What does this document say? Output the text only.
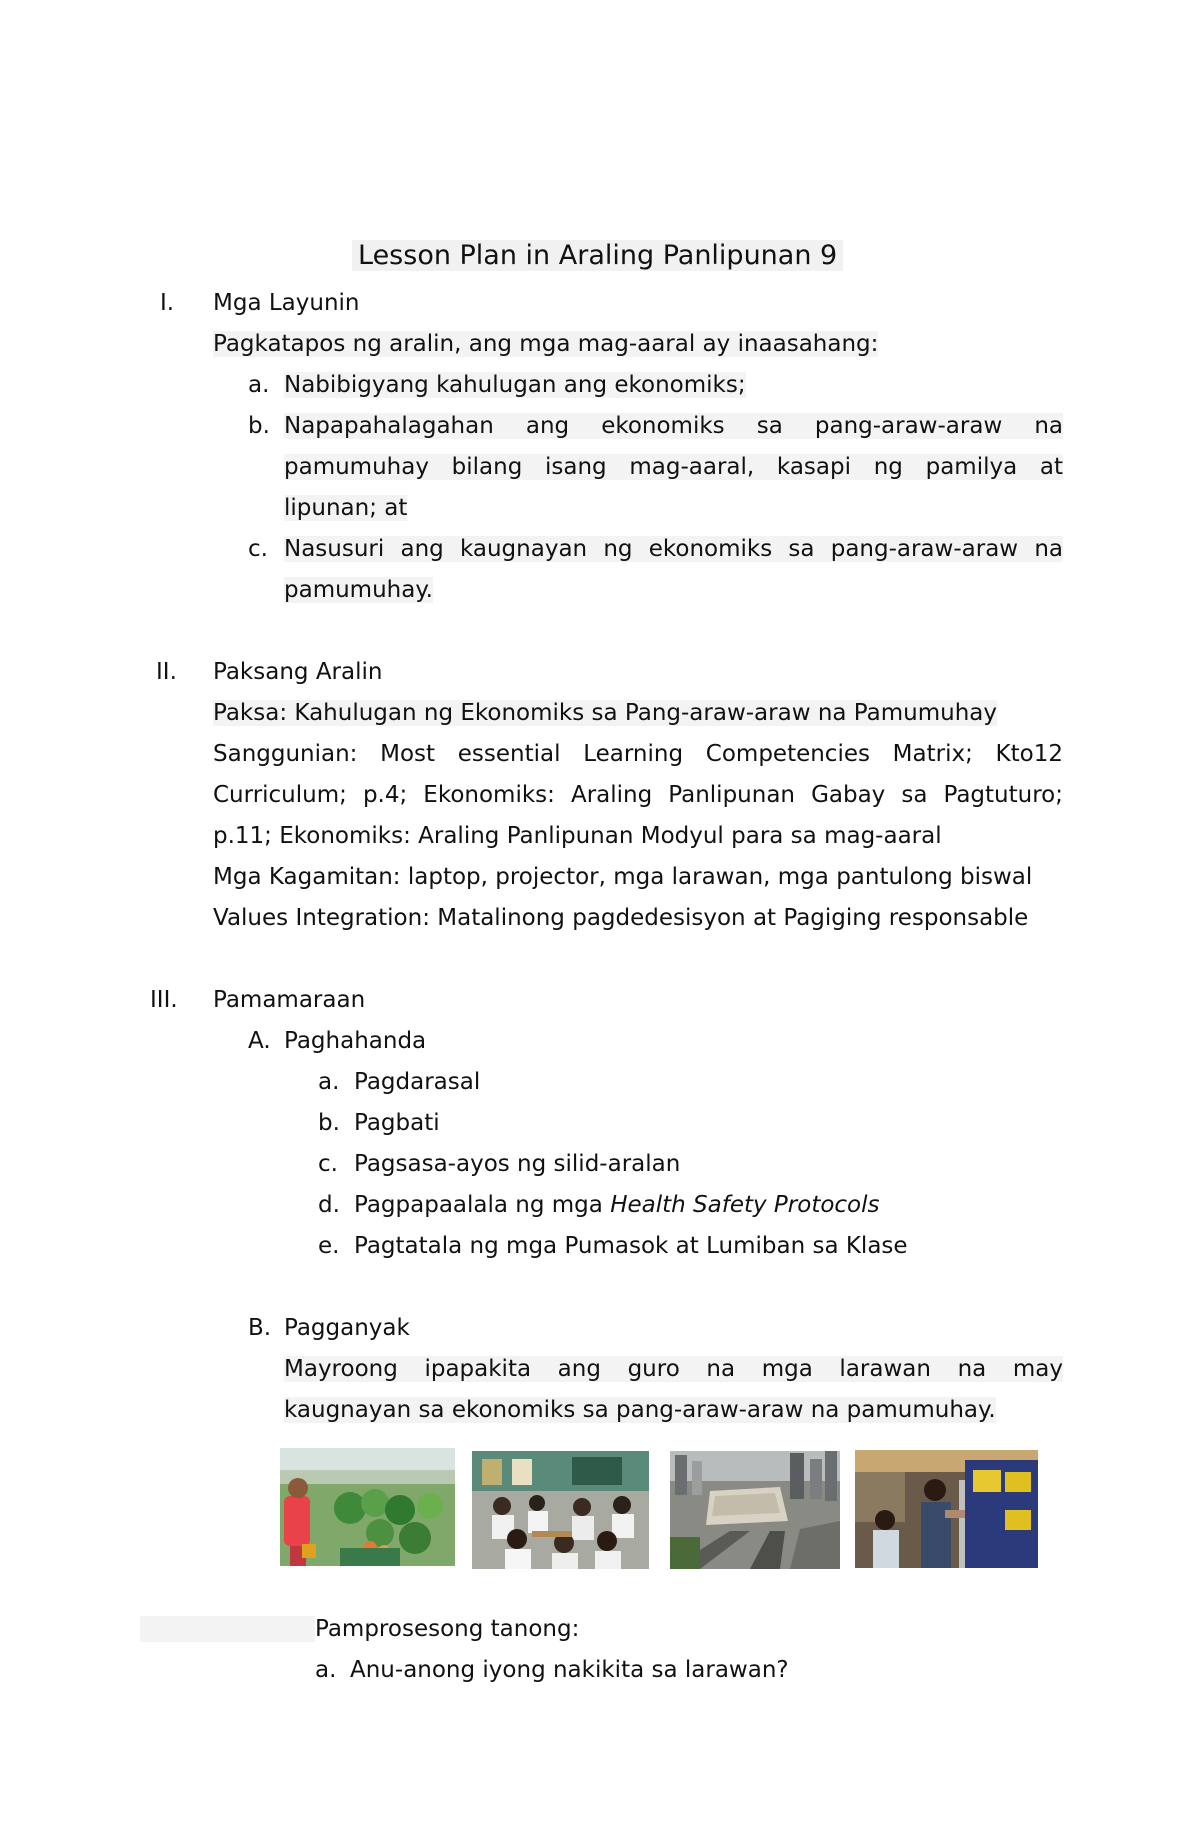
Lesson Plan in Araling Panlipunan 9
I. Mga Layunin
Pagkatapos ng aralin, ang mga mag-aaral ay inaasahang:
a. Nabibigyang kahulugan ang ekonomiks;
b. Napapahalagahan ang ekonomiks sa pang-araw-araw na
pamumuhay bilang isang mag-aaral, kasapi ng pamilya at
lipunan; at
c. Nasusuri ang kaugnayan ng ekonomiks sa pang-araw-araw na
pamumuhay.
II. Paksang Aralin
Paksa: Kahulugan ng Ekonomiks sa Pang-araw-araw na Pamumuhay
Sanggunian: Most essential Learning Competencies Matrix; Kto12
Curriculum; p.4; Ekonomiks: Araling Panlipunan Gabay sa Pagtuturo;
p.11; Ekonomiks: Araling Panlipunan Modyul para sa mag-aaral
Mga Kagamitan: laptop, projector, mga larawan, mga pantulong biswal
Values Integration: Matalinong pagdedesisyon at Pagiging responsable
III. Pamamaraan
A. Paghahanda
a. Pagdarasal
b. Pagbati
c. Pagsasa-ayos ng silid-aralan
d. Pagpapaalala ng mga Health Safety Protocols
e. Pagtatala ng mga Pumasok at Lumiban sa Klase
B. Pagganyak
Mayroong ipapakita ang guro na mga larawan na may
kaugnayan sa ekonomiks sa pang-araw-araw na pamumuhay.
Pamprosesong tanong:
a. Anu-anong iyong nakikita sa larawan?
